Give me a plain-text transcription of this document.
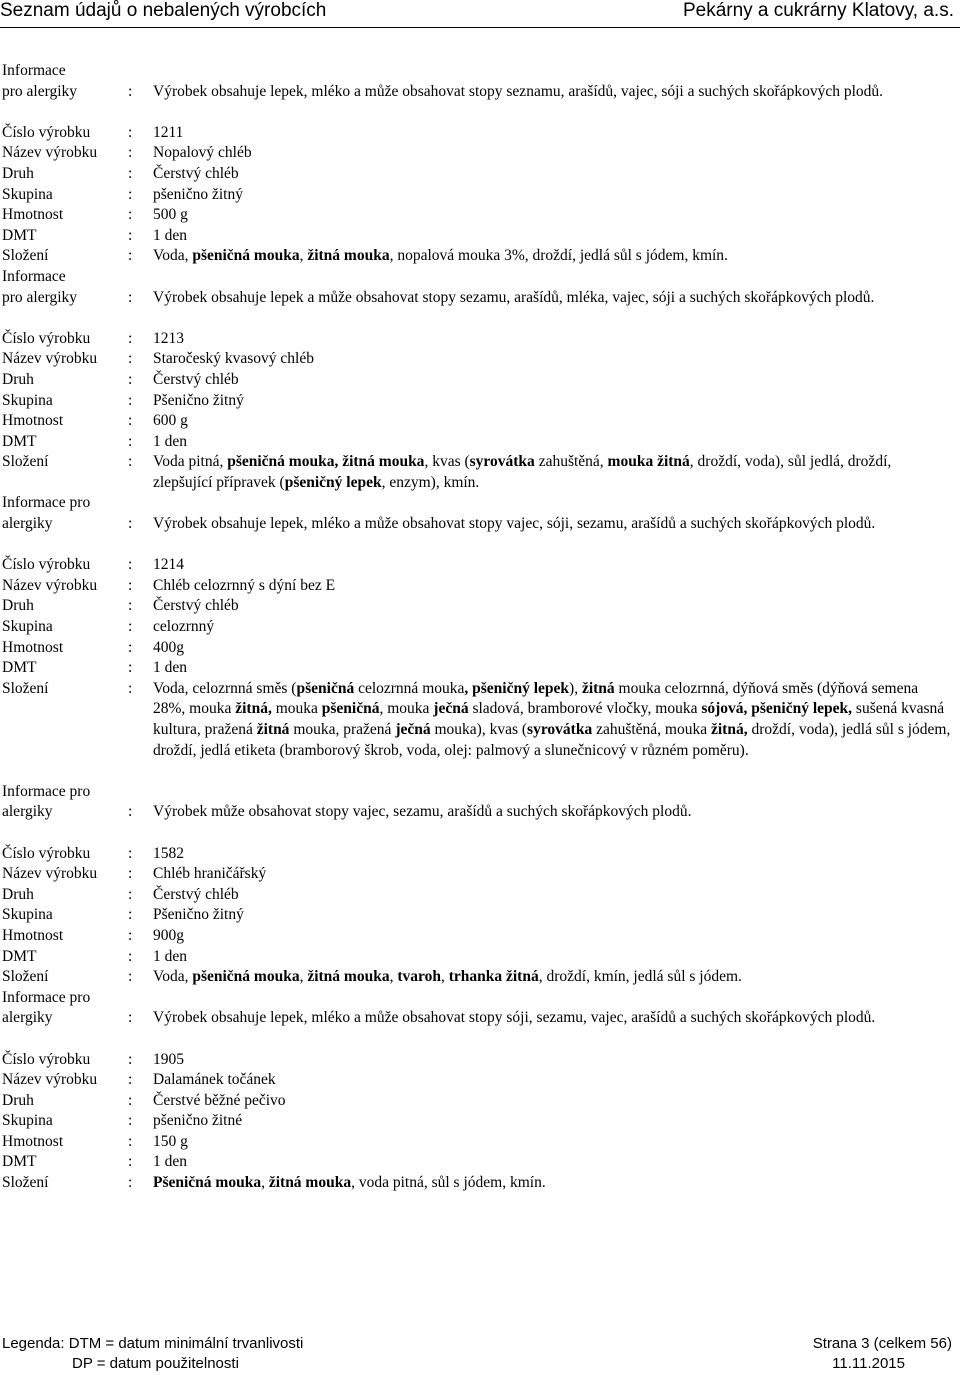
Seznam údajů o nebalených výrobcích	Pekárny a cukrárny Klatovy, a.s.
Informace
pro alergiky	: Výrobek obsahuje lepek, mléko a může obsahovat stopy seznamu, arašídů, vajec, sóji a suchých skořápkových plodů.
Číslo výrobku : 1211
Název výrobku : Nopalový chléb
Druh	: Čerstvý chléb
Skupina	: pšenično žitný
Hmotnost	: 500 g
DMT	: 1 den
Složení	: Voda, pšeničná mouka, žitná mouka, nopalová mouka 3%, droždí, jedlá sůl s jódem, kmín.
Informace
pro alergiky	: Výrobek obsahuje lepek a může obsahovat stopy sezamu, arašídů, mléka, vajec, sóji a suchých skořápkových plodů.
Číslo výrobku : 1213
Název výrobku : Staročeský kvasový chléb
Druh	: Čerstvý chléb
Skupina	: Pšenično žitný
Hmotnost	: 600 g
DMT	: 1 den
Složení	: Voda pitná, pšeničná mouka, žitná mouka, kvas (syrovátka zahuštěná, mouka žitná, droždí, voda), sůl jedlá, droždí, zlepšující přípravek (pšeničný lepek, enzym), kmín.
Informace pro
alergiky	: Výrobek obsahuje lepek, mléko a může obsahovat stopy vajec, sóji, sezamu, arašídů a suchých skořápkových plodů.
Číslo výrobku : 1214
Název výrobku : Chléb celozrnný s dýní bez E
Druh	: Čerstvý chléb
Skupina	: celozrnný
Hmotnost	: 400g
DMT	: 1 den
Složení	: Voda, celozrnná směs (pšeničná celozrnná mouka, pšeničný lepek), žitná mouka celozrnná, dýňová směs (dýňová semena 28%, mouka žitná, mouka pšeničná, mouka ječná sladová, bramborové vločky, mouka sójová, pšeničný lepek, sušená kvasná kultura, pražená žitná mouka, pražená ječná mouka), kvas (syrovátka zahuštěná, mouka žitná, droždí, voda), jedlá sůl s jódem, droždí, jedlá etiketa (bramborový škrob, voda, olej: palmový a slunečnicový v různém poměru).
Informace pro
alergiky	: Výrobek může obsahovat stopy vajec, sezamu, arašídů a suchých skořápkových plodů.
Číslo výrobku : 1582
Název výrobku : Chléb hraničářský
Druh	: Čerstvý chléb
Skupina	: Pšenično žitný
Hmotnost	: 900g
DMT	: 1 den
Složení	: Voda, pšeničná mouka, žitná mouka, tvaroh, trhanka žitná, droždí, kmín, jedlá sůl s jódem.
Informace pro
alergiky	: Výrobek obsahuje lepek, mléko a může obsahovat stopy sóji, sezamu, vajec, arašídů a suchých skořápkových plodů.
Číslo výrobku : 1905
Název výrobku : Dalamánek točánek
Druh	: Čerstvé běžné pečivo
Skupina	: pšenično žitné
Hmotnost	: 150 g
DMT	: 1 den
Složení	: Pšeničná mouka, žitná mouka, voda pitná, sůl s jódem, kmín.
Legenda: DTM = datum minimální trvanlivosti
DP = datum použitelnosti
Strana 3 (celkem 56)
11.11.2015
